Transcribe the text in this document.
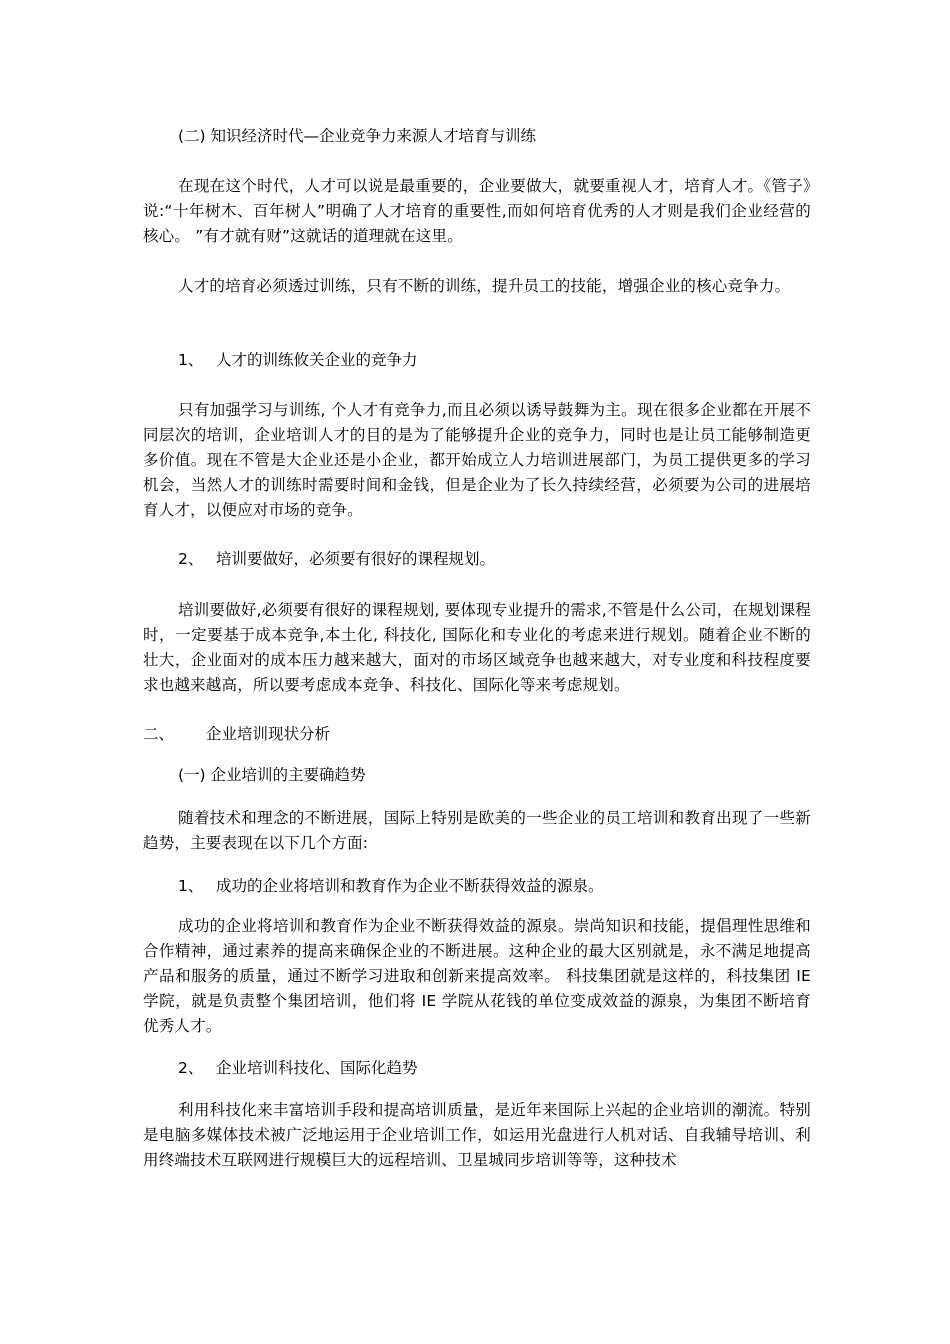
(二) 知识经济时代—企业竞争力来源人才培育与训练

在现在这个时代，人才可以说是最重要的，企业要做大，就要重视人才，培育人才。《管子》说:“十年树木、百年树人”明确了人才培育的重要性,而如何培育优秀的人才则是我们企业经营的核心。 ”有才就有财”这就话的道理就在这里。

人才的培育必须透过训练，只有不断的训练，提升员工的技能，增强企业的核心竞争力。

1、 人才的训练攸关企业的竞争力

只有加强学习与训练, 个人才有竞争力,而且必须以诱导鼓舞为主。现在很多企业都在开展不同层次的培训，企业培训人才的目的是为了能够提升企业的竞争力，同时也是让员工能够制造更多价值。现在不管是大企业还是小企业，都开始成立人力培训进展部门，为员工提供更多的学习机会，当然人才的训练时需要时间和金钱，但是企业为了长久持续经营，必须要为公司的进展培育人才，以便应对市场的竞争。

2、 培训要做好，必须要有很好的课程规划。

培训要做好,必须要有很好的课程规划, 要体现专业提升的需求,不管是什么公司，在规划课程时，一定要基于成本竞争,本土化, 科技化, 国际化和专业化的考虑来进行规划。随着企业不断的壮大，企业面对的成本压力越来越大，面对的市场区域竞争也越来越大，对专业度和科技程度要求也越来越高，所以要考虑成本竞争、科技化、国际化等来考虑规划。

二、 企业培训现状分析

(一) 企业培训的主要确趋势

随着技术和理念的不断进展，国际上特别是欧美的一些企业的员工培训和教育出现了一些新趋势，主要表现在以下几个方面:

1、 成功的企业将培训和教育作为企业不断获得效益的源泉。

成功的企业将培训和教育作为企业不断获得效益的源泉。崇尚知识和技能，提倡理性思维和合作精神，通过素养的提高来确保企业的不断进展。这种企业的最大区别就是，永不满足地提高产品和服务的质量，通过不断学习进取和创新来提高效率。 科技集团就是这样的，科技集团 IE 学院，就是负责整个集团培训，他们将 IE 学院从花钱的单位变成效益的源泉，为集团不断培育优秀人才。

2、 企业培训科技化、国际化趋势

利用科技化来丰富培训手段和提高培训质量，是近年来国际上兴起的企业培训的潮流。特别是电脑多媒体技术被广泛地运用于企业培训工作，如运用光盘进行人机对话、自我辅导培训、利用终端技术互联网进行规模巨大的远程培训、卫星城同步培训等等，这种技术
